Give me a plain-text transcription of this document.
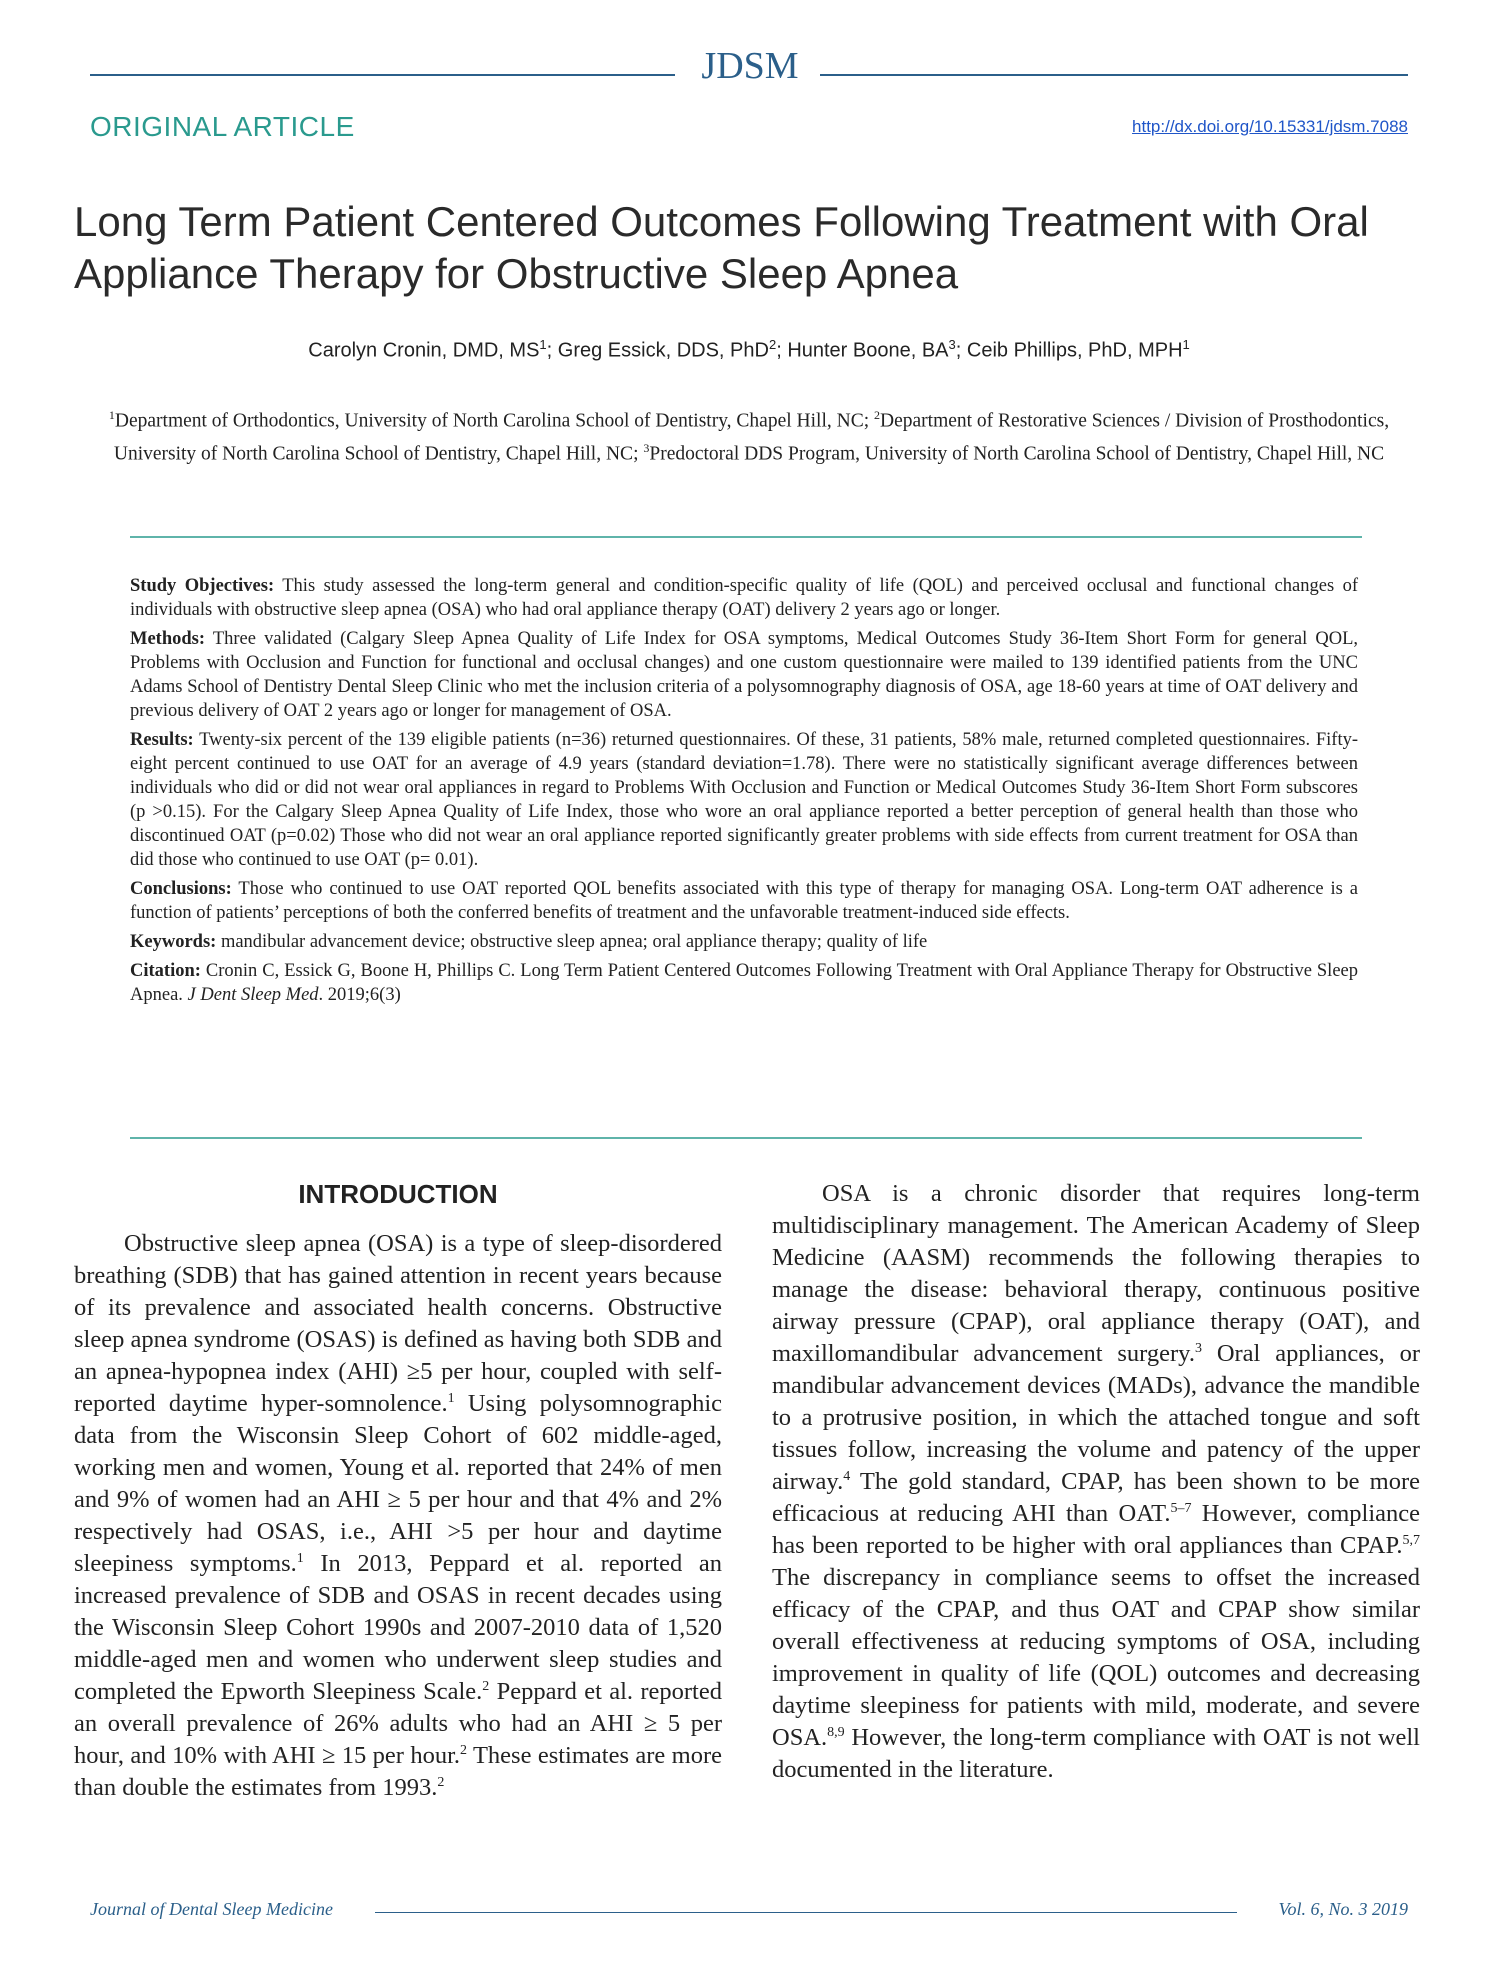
JDSM
ORIGINAL ARTICLE	http://dx.doi.org/10.15331/jdsm.7088
Long Term Patient Centered Outcomes Following Treatment with Oral Appliance Therapy for Obstructive Sleep Apnea
Carolyn Cronin, DMD, $MS^1$; Greg Essick, DDS, PhD$^2$; Hunter Boone, $BA^3$; Ceib Phillips, PhD, MPH$^1$
$^1$Department of Orthodontics, University of North Carolina School of Dentistry, Chapel Hill, NC; $^2$Department of Restorative Sciences / Division of Prosthodontics, University of North Carolina School of Dentistry, Chapel Hill, NC; $^3$Predoctoral DDS Program, University of North Carolina School of Dentistry, Chapel Hill, NC

Study Objectives: This study assessed the long-term general and condition-specific quality of life (QOL) and perceived occlusal and functional changes of individuals with obstructive sleep apnea (OSA) who had oral appliance therapy (OAT) delivery 2 years ago or longer.

Methods: Three validated (Calgary Sleep Apnea Quality of Life Index for OSA symptoms, Medical Outcomes Study 36-Item Short Form for general QOL, Problems with Occlusion and Function for functional and occlusal changes) and one custom questionnaire were mailed to 139 identified patients from the UNC Adams School of Dentistry Dental Sleep Clinic who met the inclusion criteria of a polysomnography diagnosis of OSA, age 18-60 years at time of OAT delivery and previous delivery of OAT 2 years ago or longer for management of OSA.

Results: Twenty-six percent of the 139 eligible patients (n=36) returned questionnaires. Of these, 31 patients, 58% male, returned completed questionnaires. Fifty-eight percent continued to use OAT for an average of 4.9 years (standard deviation=1.78). There were no statistically significant average differences between individuals who did or did not wear oral appliances in regard to Problems With Occlusion and Function or Medical Outcomes Study 36-Item Short Form subscores (p >0.15). For the Calgary Sleep Apnea Quality of Life Index, those who wore an oral appliance reported a better perception of general health than those who discontinued OAT (p=0.02) Those who did not wear an oral appliance reported significantly greater problems with side effects from current treatment for OSA than did those who continued to use OAT (p= 0.01).

Conclusions: Those who continued to use OAT reported QOL benefits associated with this type of therapy for managing OSA. Long-term OAT adherence is a function of patients’ perceptions of both the conferred benefits of treatment and the unfavorable treatment-induced side effects.

Keywords: mandibular advancement device; obstructive sleep apnea; oral appliance therapy; quality of life

Citation: Cronin C, Essick G, Boone H, Phillips C. Long Term Patient Centered Outcomes Following Treatment with Oral Appliance Therapy for Obstructive Sleep Apnea. J Dent Sleep Med. 2019;6(3)

INTRODUCTION

Obstructive sleep apnea (OSA) is a type of sleep-disordered breathing (SDB) that has gained attention in recent years because of its prevalence and associated health concerns. Obstructive sleep apnea syndrome (OSAS) is defined as having both SDB and an apnea-hypopnea index (AHI) ≥5 per hour, coupled with self-reported daytime hyper-somnolence.$^1$ Using polysomnographic data from the Wisconsin Sleep Cohort of 602 middle-aged, working men and women, Young et al. reported that 24% of men and 9% of women had an AHI ≥ 5 per hour and that 4% and 2% respectively had OSAS, i.e., AHI >5 per hour and daytime sleepiness symptoms.$^1$ In 2013, Peppard et al. reported an increased prevalence of SDB and OSAS in recent decades using the Wisconsin Sleep Cohort 1990s and 2007-2010 data of 1,520 middle-aged men and women who underwent sleep studies and completed the Epworth Sleepiness Scale.$^2$ Peppard et al. reported an overall prevalence of 26% adults who had an AHI ≥ 5 per hour, and 10% with AHI ≥ 15 per hour.$^2$ These estimates are more than double the estimates from 1993.$^2$

OSA is a chronic disorder that requires long-term multidisciplinary management. The American Academy of Sleep Medicine (AASM) recommends the following therapies to manage the disease: behavioral therapy, continuous positive airway pressure (CPAP), oral appliance therapy (OAT), and maxillomandibular advancement surgery.$^3$ Oral appliances, or mandibular advancement devices (MADs), advance the mandible to a protrusive position, in which the attached tongue and soft tissues follow, increasing the volume and patency of the upper airway.$^4$ The gold standard, CPAP, has been shown to be more efficacious at reducing AHI than OAT.$^{5-7}$ However, compliance has been reported to be higher with oral appliances than CPAP.$^{5,7}$ The discrepancy in compliance seems to offset the increased efficacy of the CPAP, and thus OAT and CPAP show similar overall effectiveness at reducing symptoms of OSA, including improvement in quality of life (QOL) outcomes and decreasing daytime sleepiness for patients with mild, moderate, and severe OSA.$^{8,9}$ However, the long-term compliance with OAT is not well documented in the literature.

Journal of Dental Sleep Medicine	Vol. 6, No. 3 2019
